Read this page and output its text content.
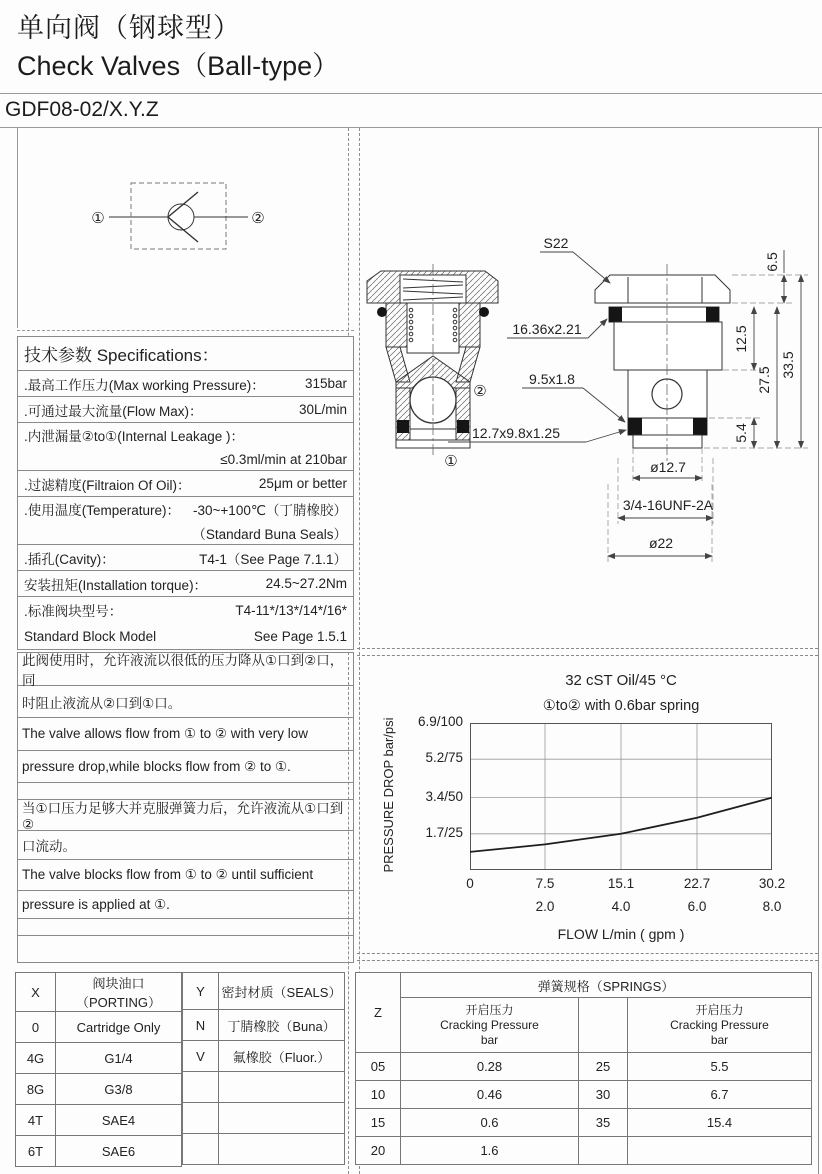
单向阀（钢球型）
Check Valves（Ball-type）
GDF08-02/X.Y.Z
①	②
技术参数 Specifications：
.最高工作压力(Max working Pressure)：	315bar
.可通过最大流量(Flow Max)：	30L/min
.内泄漏量②to①(Internal Leakage )：
≤0.3ml/min at 210bar
.过滤精度(Filtraion Of Oil)：	25μm or better
.使用温度(Temperature)： -30~+100℃（丁腈橡胶）
（Standard Buna Seals）
.插孔(Cavity)：	T4-1（See Page 7.1.1）
安装扭矩(Installation torque)：	24.5~27.2Nm
.标准阀块型号：	T4-11*/13*/14*/16*
Standard Block Model	See Page 1.5.1
此阀使用时，允许液流以很低的压力降从①口到②口，同
时阻止液流从②口到①口。
The valve allows flow from ① to ② with very low
pressure drop,while blocks flow from ② to ①.
当①口压力足够大并克服弹簧力后，允许液流从①口到②
口流动。
The valve blocks flow from ① to ② until sufficient
pressure is applied at ①.
②
①
S22
16.36x2.21
9.5x1.8
12.7x9.8x1.25
6.5
12.5
27.5
33.5
5.4
ø12.7
3/4-16UNF-2A
ø22
32 cST Oil/45 °C
①to② with 0.6bar spring
PRESSURE DROP bar/psi	6.9/100
5.2/75
3.4/50
1.7/25
0	7.5	15.1	22.7	30.2
2.0	4.0	6.0	8.0
FLOW L/min ( gpm )
X	阀块油口（PORTING）
0	Cartridge Only
4G	G1/4
8G	G3/8
4T	SAE4
6T	SAE6
Y	密封材质（SEALS）
N	丁腈橡胶（Buna）
V	氟橡胶（Fluor.）

Z	弹簧规格（SPRINGS）		
	开启压力
Cracking Pressure
bar		开启压力
Cracking Pressure
bar
05	0.28	25	5.5
10	0.46	30	6.7
15	0.6	35	15.4
20	1.6		
